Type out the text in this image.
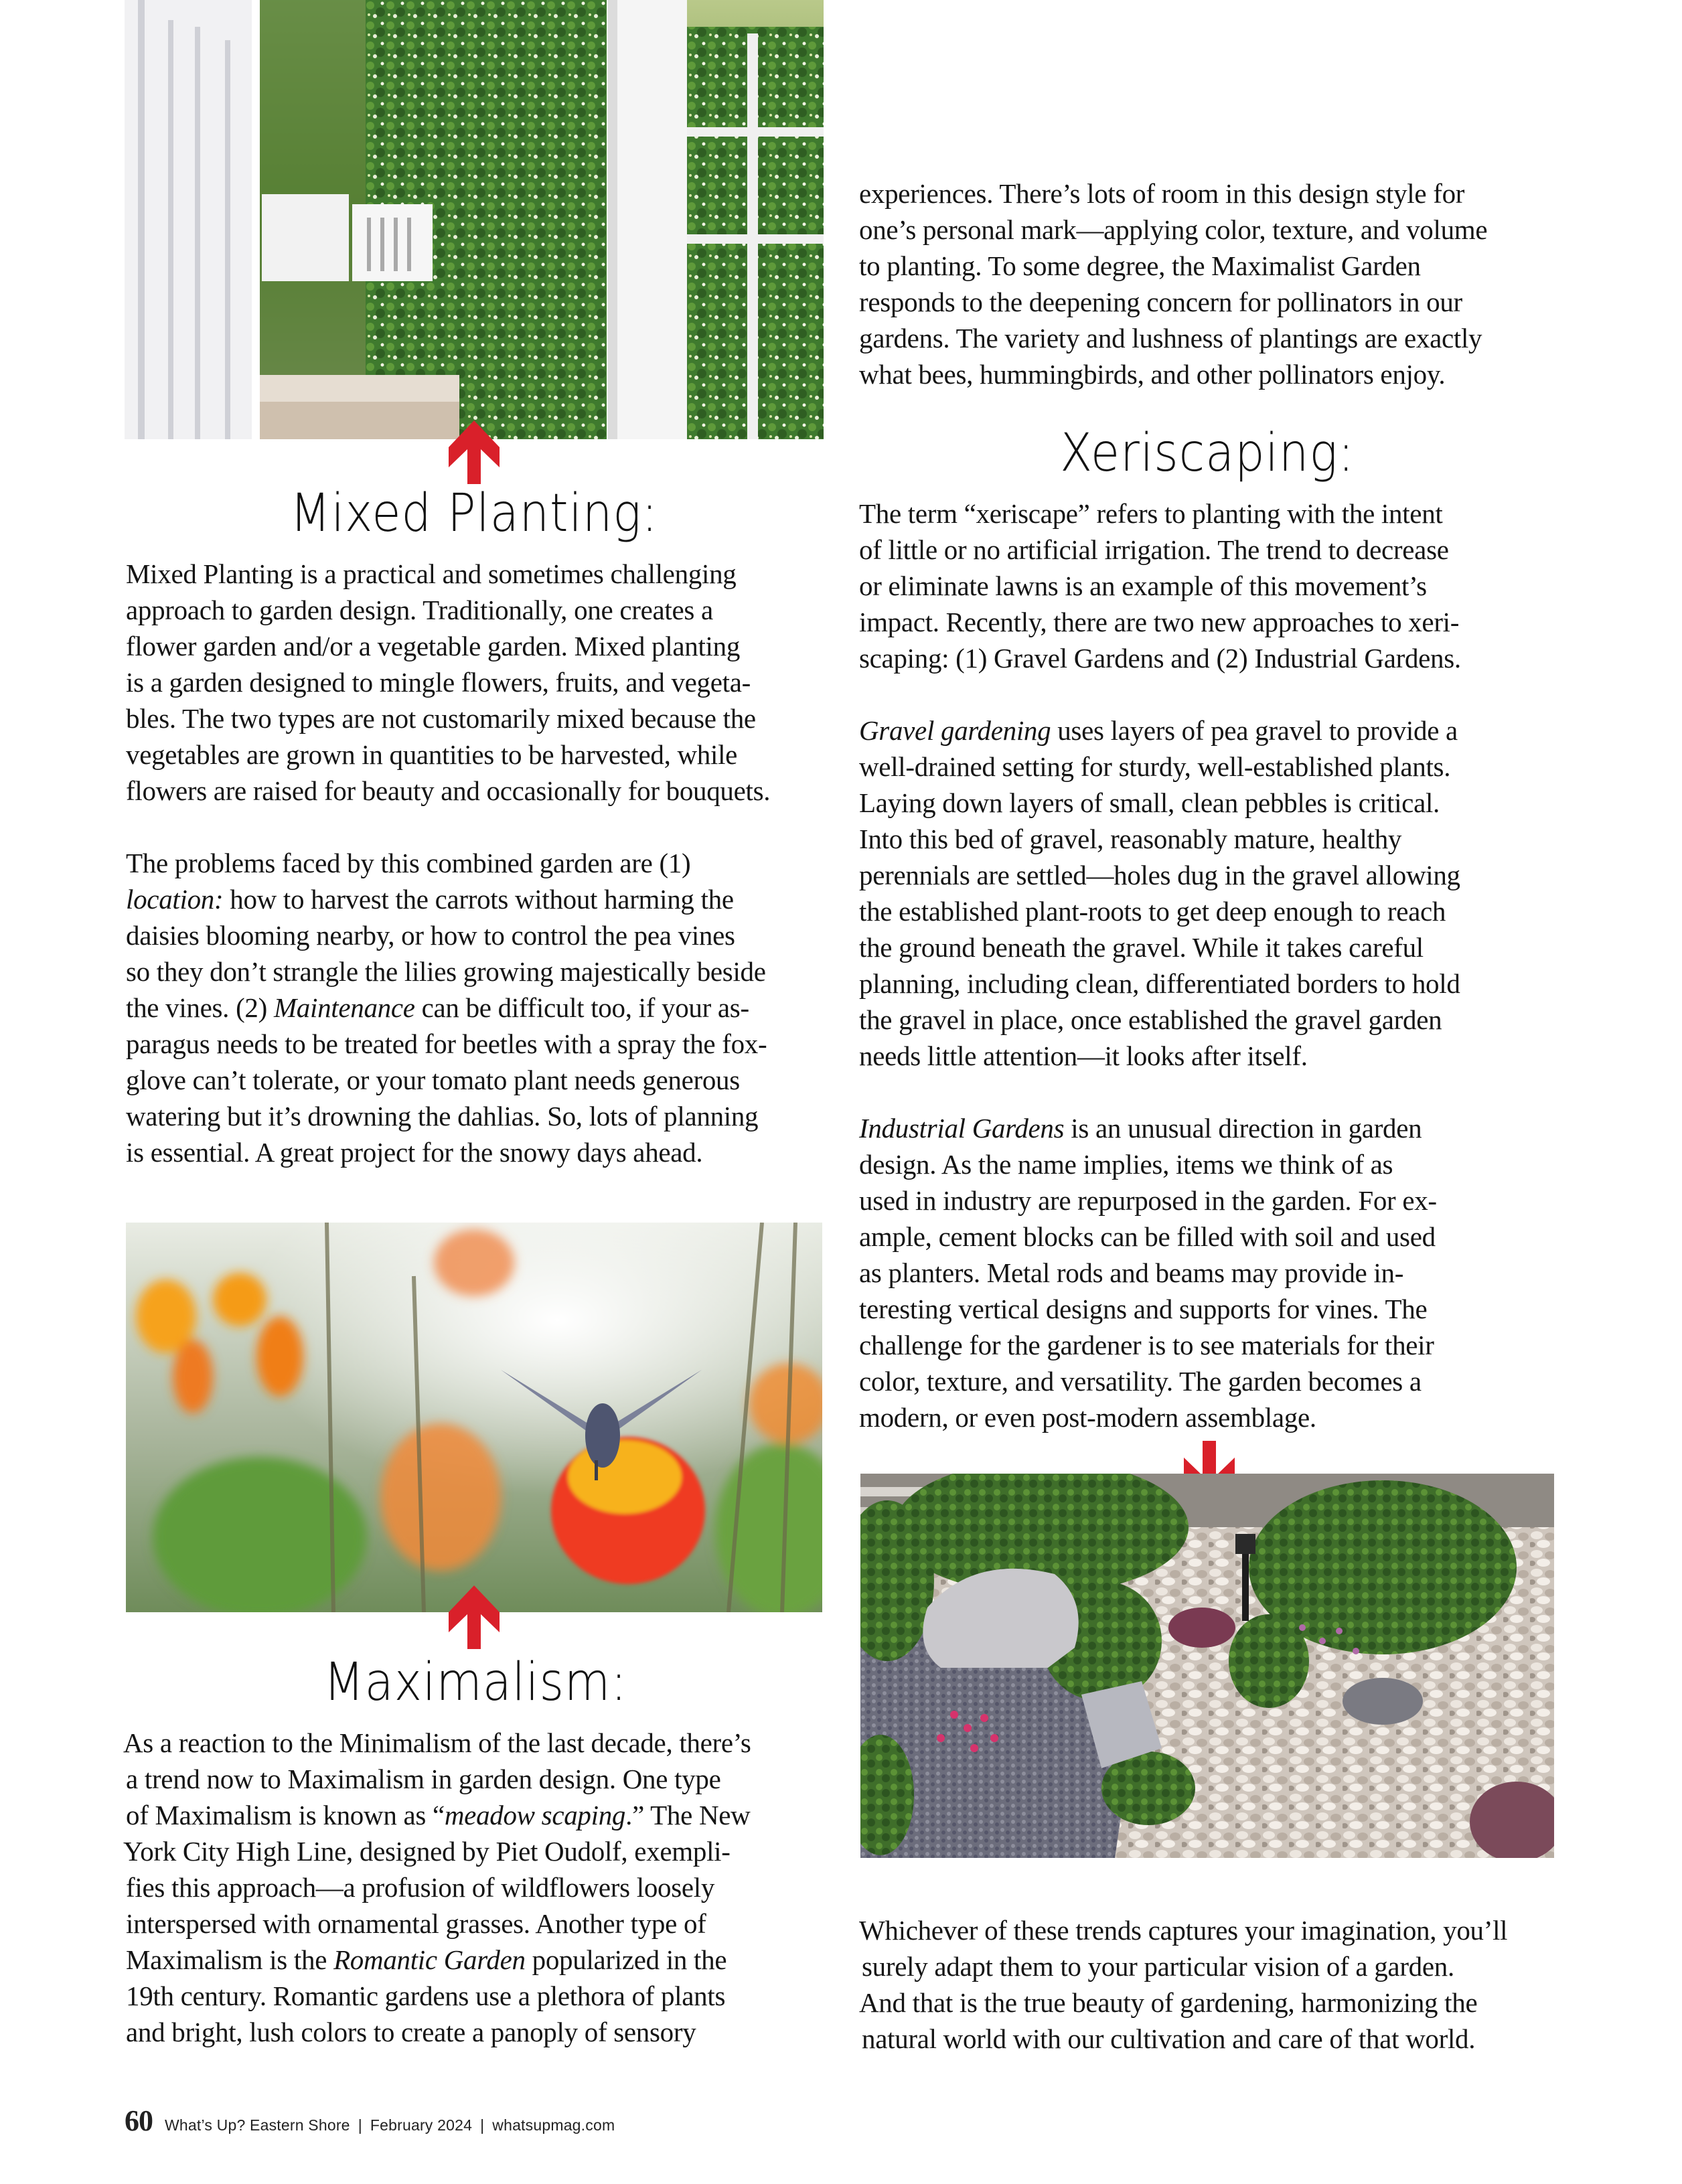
Mixed Planting:
Mixed Planting is a practical and sometimes challenging
approach to garden design. Traditionally, one creates a
flower garden and/or a vegetable garden. Mixed planting
is a garden designed to mingle flowers, fruits, and vegeta-
bles. The two types are not customarily mixed because the
vegetables are grown in quantities to be harvested, while
flowers are raised for beauty and occasionally for bouquets.
The problems faced by this combined garden are (1)
location: how to harvest the carrots without harming the
daisies blooming nearby, or how to control the pea vines
so they don’t strangle the lilies growing majestically beside
the vines. (2) Maintenance can be difficult too, if your as-
paragus needs to be treated for beetles with a spray the fox-
glove can’t tolerate, or your tomato plant needs generous
watering but it’s drowning the dahlias. So, lots of planning
is essential. A great project for the snowy days ahead.
Maximalism:
As a reaction to the Minimalism of the last decade, there’s
a trend now to Maximalism in garden design. One type
of Maximalism is known as “meadow scaping.” The New
York City High Line, designed by Piet Oudolf, exempli-
fies this approach—a profusion of wildflowers loosely
interspersed with ornamental grasses. Another type of
Maximalism is the Romantic Garden popularized in the
19th century. Romantic gardens use a plethora of plants
and bright, lush colors to create a panoply of sensory
experiences. There’s lots of room in this design style for
one’s personal mark—applying color, texture, and volume
to planting. To some degree, the Maximalist Garden
responds to the deepening concern for pollinators in our
gardens. The variety and lushness of plantings are exactly
what bees, hummingbirds, and other pollinators enjoy.
Xeriscaping:
The term “xeriscape” refers to planting with the intent
of little or no artificial irrigation. The trend to decrease
or eliminate lawns is an example of this movement’s
impact. Recently, there are two new approaches to xeri-
scaping: (1) Gravel Gardens and (2) Industrial Gardens.
Gravel gardening uses layers of pea gravel to provide a
well-drained setting for sturdy, well-established plants.
Laying down layers of small, clean pebbles is critical.
Into this bed of gravel, reasonably mature, healthy
perennials are settled—holes dug in the gravel allowing
the established plant-roots to get deep enough to reach
the ground beneath the gravel. While it takes careful
planning, including clean, differentiated borders to hold
the gravel in place, once established the gravel garden
needs little attention—it looks after itself.
Industrial Gardens is an unusual direction in garden
design. As the name implies, items we think of as
used in industry are repurposed in the garden. For ex-
ample, cement blocks can be filled with soil and used
as planters. Metal rods and beams may provide in-
teresting vertical designs and supports for vines. The
challenge for the gardener is to see materials for their
color, texture, and versatility. The garden becomes a
modern, or even post-modern assemblage.
Whichever of these trends captures your imagination, you’ll
surely adapt them to your particular vision of a garden.
And that is the true beauty of gardening, harmonizing the
natural world with our cultivation and care of that world.
60 What’s Up? Eastern Shore | February 2024 | whatsupmag.com
